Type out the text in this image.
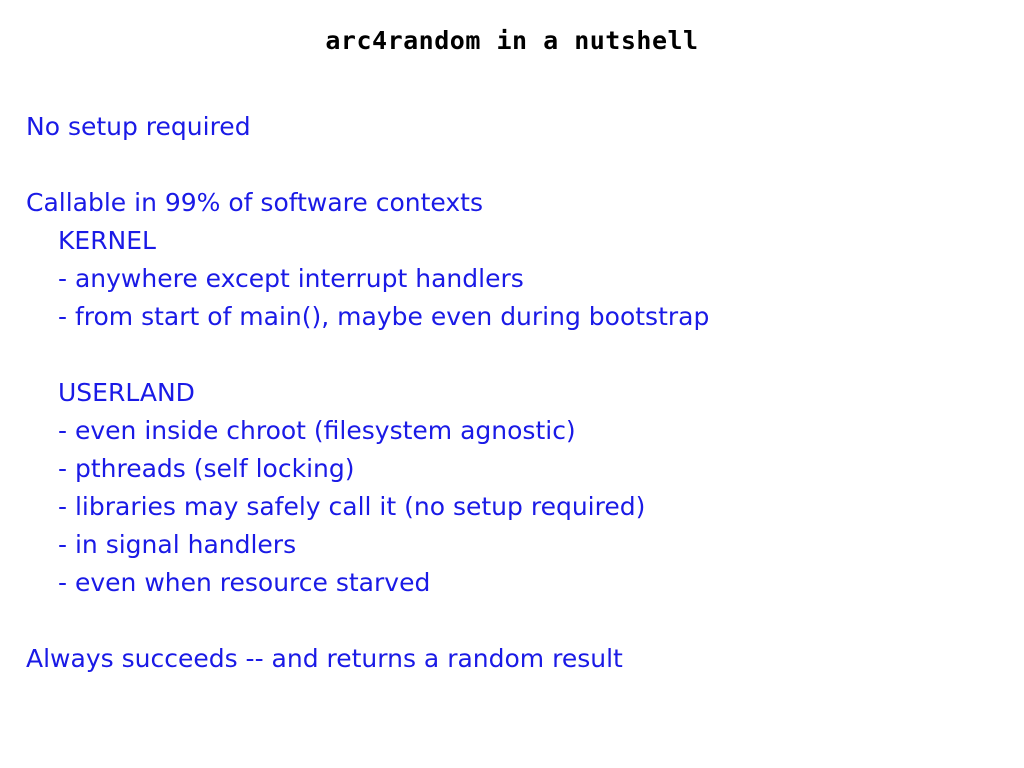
arc4random in a nutshell
No setup required
Callable in 99% of software contexts
KERNEL
- anywhere except interrupt handlers
- from start of main(), maybe even during bootstrap
USERLAND
- even inside chroot (filesystem agnostic)
- pthreads (self locking)
- libraries may safely call it (no setup required)
- in signal handlers
- even when resource starved
Always succeeds -- and returns a random result
